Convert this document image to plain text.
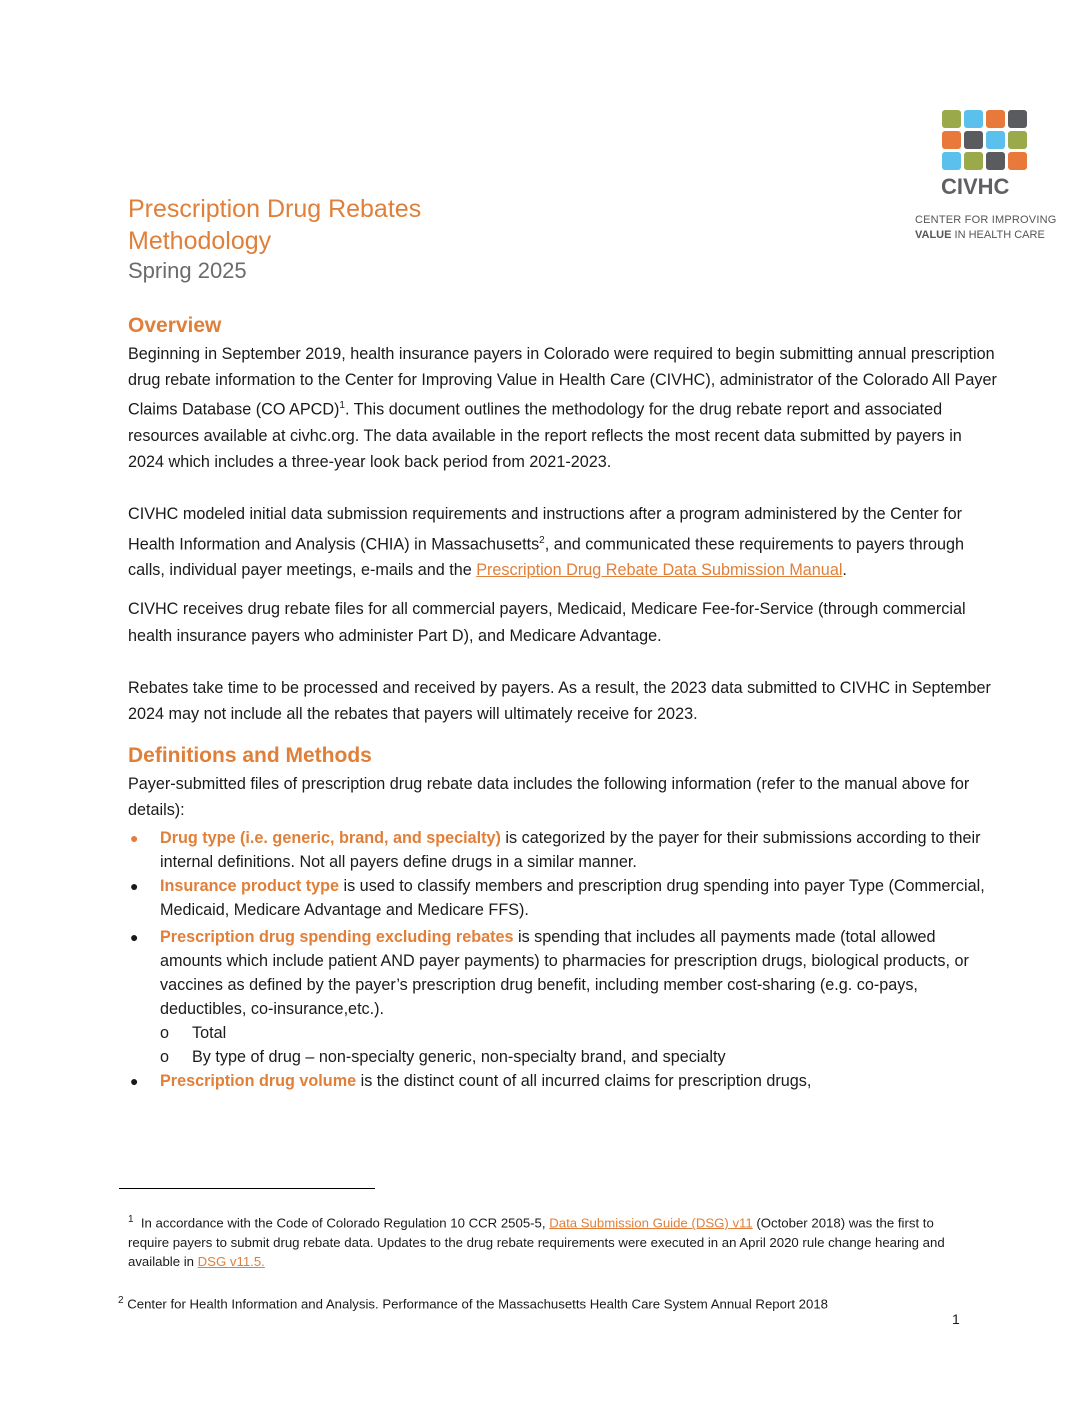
CIVHC
CENTER FOR IMPROVING
VALUE IN HEALTH CARE
Prescription Drug Rebates
Methodology
Spring 2025
Overview

Beginning in September 2019, health insurance payers in Colorado were required to begin submitting annual prescription drug rebate information to the Center for Improving Value in Health Care (CIVHC), administrator of the Colorado All Payer Claims Database (CO APCD)$^1$. This document outlines the methodology for the drug rebate report and associated resources available at civhc.org. The data available in the report reflects the most recent data submitted by payers in 2024 which includes a three-year look back period from 2021-2023.

CIVHC modeled initial data submission requirements and instructions after a program administered by the Center for Health Information and Analysis (CHIA) in Massachusetts$^2$, and communicated these requirements to payers through calls, individual payer meetings, e-mails and the Prescription Drug Rebate Data Submission Manual.

CIVHC receives drug rebate files for all commercial payers, Medicaid, Medicare Fee-for-Service (through commercial health insurance payers who administer Part D), and Medicare Advantage.

Rebates take time to be processed and received by payers. As a result, the 2023 data submitted to CIVHC in September 2024 may not include all the rebates that payers will ultimately receive for 2023.

Definitions and Methods

Payer-submitted files of prescription drug rebate data includes the following information (refer to the manual above for details):

● Drug type (i.e. generic, brand, and specialty) is categorized by the payer for their submissions according to their internal definitions. Not all payers define drugs in a similar manner.
● Insurance product type is used to classify members and prescription drug spending into payer Type (Commercial, Medicaid, Medicare Advantage and Medicare FFS).
● Prescription drug spending excluding rebates is spending that includes all payments made (total allowed amounts which include patient AND payer payments) to pharmacies for prescription drugs, biological products, or vaccines as defined by the payer’s prescription drug benefit, including member cost-sharing (e.g. co-pays, deductibles, co-insurance,etc.).
o Total
o By type of drug – non-specialty generic, non-specialty brand, and specialty
● Prescription drug volume is the distinct count of all incurred claims for prescription drugs,
$^1$ In accordance with the Code of Colorado Regulation 10 CCR 2505-5, Data Submission Guide (DSG) v11 (October 2018) was the first to require payers to submit drug rebate data. Updates to the drug rebate requirements were executed in an April 2020 rule change hearing and available in DSG v11.5.
$^2$ Center for Health Information and Analysis. Performance of the Massachusetts Health Care System Annual Report 2018
1
